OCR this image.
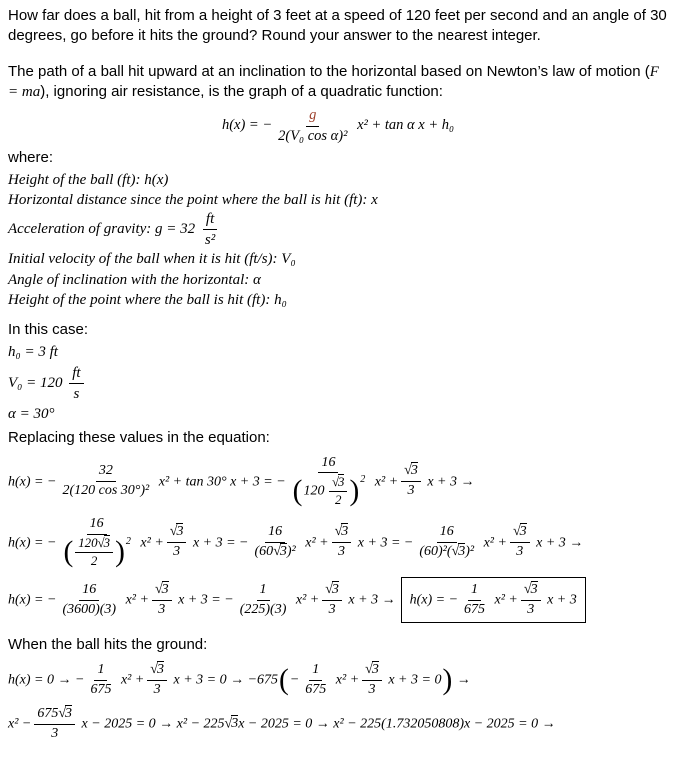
How far does a ball, hit from a height of 3 feet at a speed of 120 feet per second and an angle of 30 degrees, go before it hits the ground? Round your answer to the nearest integer.

The path of a ball hit upward at an inclination to the horizontal based on Newton’s law of motion (F = ma), ignoring air resistance, is the graph of a quadratic function:

h(x) = − $\frac{g}{\text{2(V₀ cos α)²}} x^2 + \tan \alpha$ x + h₀

where:

Height of the ball (ft): h(x)
Horizontal distance since the point where the ball is hit (ft): x
Acceleration of gravity: $g = 32 \frac{ft}{\text{s²}}$
Initial velocity of the ball when it is hit (ft/s): V₀
Angle of inclination with the horizontal: α
Height of the point where the ball is hit (ft): h₀

In this case:

h₀ = 3 ft
$V_0 = 120 \frac{ft}{s}$
α = 30°

Replacing these values in the equation:

h(x) = − $\frac{32}{\text{2(120 cos 30°)²}} x^2 + \tan 30^\circ$ x + 3 = − $\frac{16}{(120 \frac{√3}{2} )^2} x^2 + \frac{√3}{3}$ x + 3 →
h(x) = − $\frac{16}{( \frac{120√3}{2} )^2} x^2 + \frac{√3}{3}$ x + 3 = − $\frac{16}{\text{(60√3)²}} x^2 + \frac{√3}{3}$ x + 3 = − $\frac{16}{\text{(60)²(√3)²}} x^2 + \frac{√3}{3}$ x + 3 →
h(x) = − $\frac{16}{(3600)(3)} x^2 + \frac{√3}{3}$ x + 3 = − $\frac{1}{(225)(3)} x^2 + \frac{√3}{3}$ x + 3 → h(x) = − $\frac{1}{675} x^2 + \frac{√3}{3}$ x + 3

When the ball hits the ground:

h(x) = 0 → − $\frac{1}{675} x^2 + \frac{√3}{3}$ $x + 3 = 0 \to -675(- \frac{1}{675} x^2 + \frac{√3}{3}$ x + 3 = 0) →
$x^2 - \frac{675√3}{3}$ x − 2025 = 0 → x² − 225√3x − 2025 = 0 → x² − 225(1.732050808)x − 2025 = 0 →
